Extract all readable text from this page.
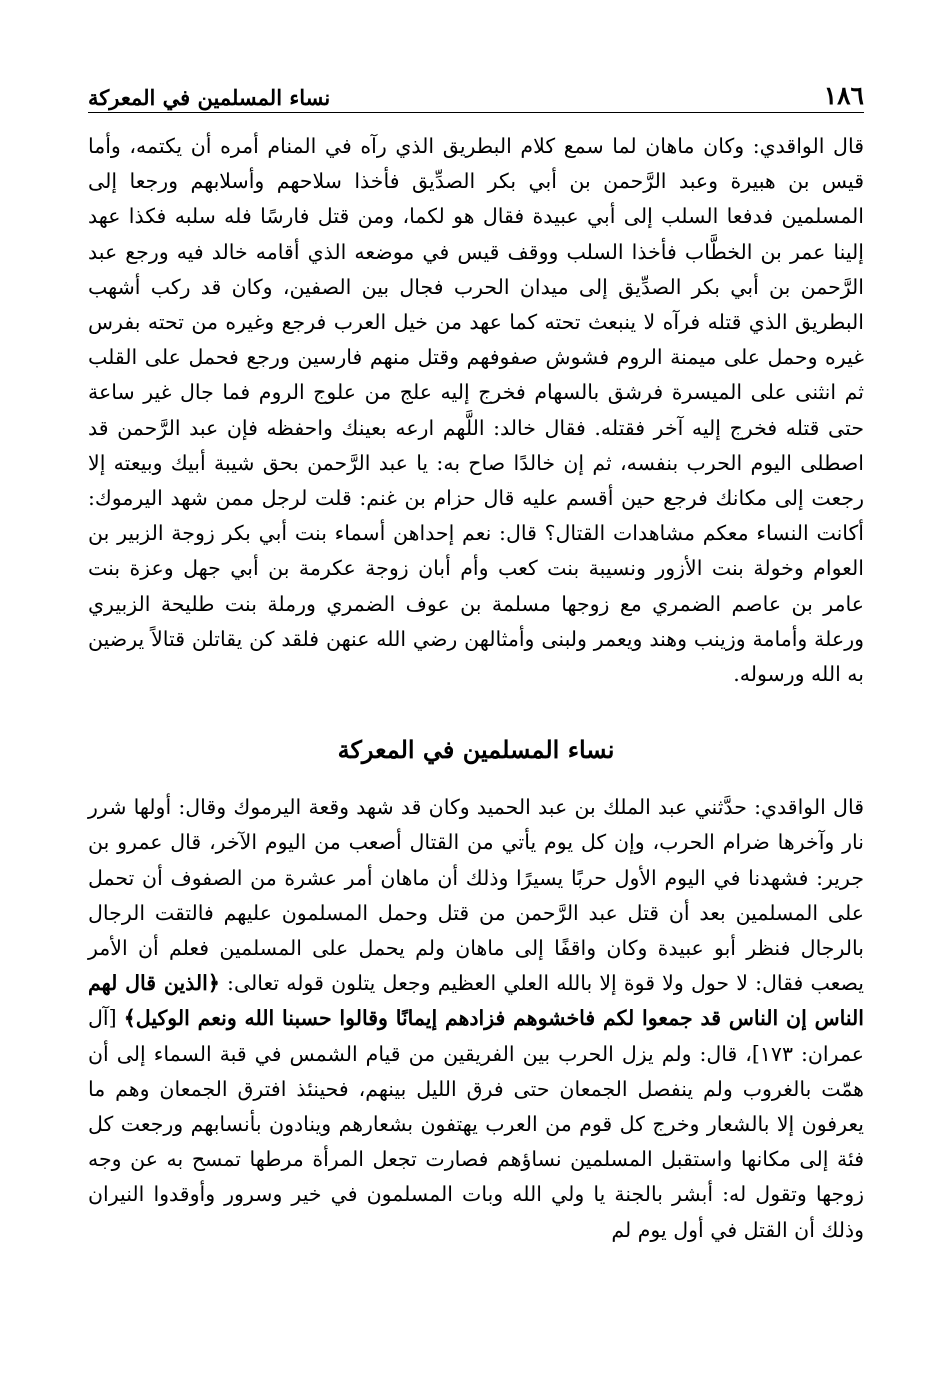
١٨٦
نساء المسلمين في المعركة

قال الواقدي: وكان ماهان لما سمع كلام البطريق الذي رآه في المنام أمره أن يكتمه، وأما قيس بن هبيرة وعبد الرَّحمن بن أبي بكر الصدِّيق فأخذا سلاحهم وأسلابهم ورجعا إلى المسلمين فدفعا السلب إلى أبي عبيدة فقال هو لكما، ومن قتل فارسًا فله سلبه فكذا عهد إلينا عمر بن الخطَّاب فأخذا السلب ووقف قيس في موضعه الذي أقامه خالد فيه ورجع عبد الرَّحمن بن أبي بكر الصدِّيق إلى ميدان الحرب فجال بين الصفين، وكان قد ركب أشهب البطريق الذي قتله فرآه لا ينبعث تحته كما عهد من خيل العرب فرجع وغيره من تحته بفرس غيره وحمل على ميمنة الروم فشوش صفوفهم وقتل منهم فارسين ورجع فحمل على القلب ثم انثنى على الميسرة فرشق بالسهام فخرج إليه علج من علوج الروم فما جال غير ساعة حتى قتله فخرج إليه آخر فقتله. فقال خالد: اللَّهم ارعه بعينك واحفظه فإن عبد الرَّحمن قد اصطلى اليوم الحرب بنفسه، ثم إن خالدًا صاح به: يا عبد الرَّحمن بحق شيبة أبيك وبيعته إلا رجعت إلى مكانك فرجع حين أقسم عليه قال حزام بن غنم: قلت لرجل ممن شهد اليرموك: أكانت النساء معكم مشاهدات القتال؟ قال: نعم إحداهن أسماء بنت أبي بكر زوجة الزبير بن العوام وخولة بنت الأزور ونسيبة بنت كعب وأم أبان زوجة عكرمة بن أبي جهل وعزة بنت عامر بن عاصم الضمري مع زوجها مسلمة بن عوف الضمري ورملة بنت طليحة الزبيري ورعلة وأمامة وزينب وهند ويعمر ولبنى وأمثالهن رضي الله عنهن فلقد كن يقاتلن قتالاً يرضين به الله ورسوله.

نساء المسلمين في المعركة

قال الواقدي: حدَّثني عبد الملك بن عبد الحميد وكان قد شهد وقعة اليرموك وقال: أولها شرر نار وآخرها ضرام الحرب، وإن كل يوم يأتي من القتال أصعب من اليوم الآخر، قال عمرو بن جرير: فشهدنا في اليوم الأول حربًا يسيرًا وذلك أن ماهان أمر عشرة من الصفوف أن تحمل على المسلمين بعد أن قتل عبد الرَّحمن من قتل وحمل المسلمون عليهم فالتقت الرجال بالرجال فنظر أبو عبيدة وكان واقفًا إلى ماهان ولم يحمل على المسلمين فعلم أن الأمر يصعب فقال: لا حول ولا قوة إلا بالله العلي العظيم وجعل يتلون قوله تعالى: ﴿الذين قال لهم الناس إن الناس قد جمعوا لكم فاخشوهم فزادهم إيمانًا وقالوا حسبنا الله ونعم الوكيل﴾ [آل عمران: ١٧٣]، قال: ولم يزل الحرب بين الفريقين من قيام الشمس في قبة السماء إلى أن همّت بالغروب ولم ينفصل الجمعان حتى فرق الليل بينهم، فحينئذ افترق الجمعان وهم ما يعرفون إلا بالشعار وخرج كل قوم من العرب يهتفون بشعارهم وينادون بأنسابهم ورجعت كل فئة إلى مكانها واستقبل المسلمين نساؤهم فصارت تجعل المرأة مرطها تمسح به عن وجه زوجها وتقول له: أبشر بالجنة يا ولي الله وبات المسلمون في خير وسرور وأوقدوا النيران وذلك أن القتل في أول يوم لم
